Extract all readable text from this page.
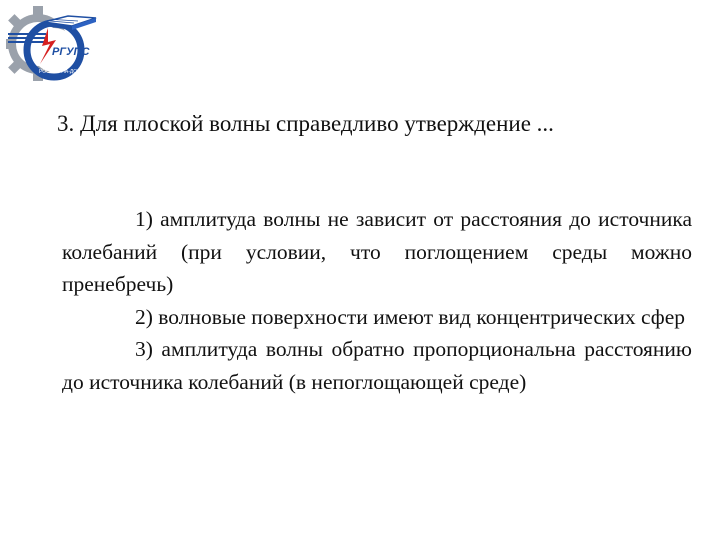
РГУПС
РОСТОВ-НА-ДОНУ
3. Для плоской волны справедливо утверждение ...

1) амплитуда волны не зависит от расстояния до источника колебаний (при условии, что поглощением среды можно пренебречь)

2) волновые поверхности имеют вид концентрических сфер

3) амплитуда волны обратно пропорциональна расстоянию до источника колебаний (в непоглощающей среде)
